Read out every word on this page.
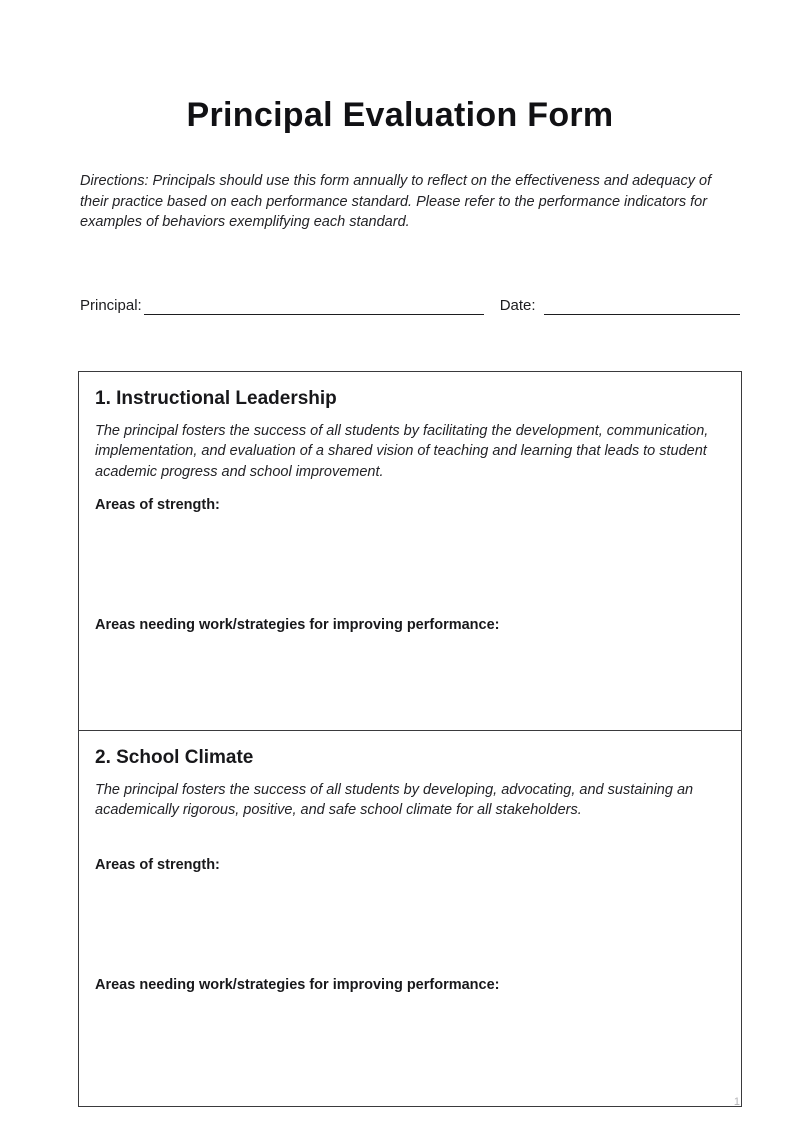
Principal Evaluation Form

Directions: Principals should use this form annually to reflect on the effectiveness and adequacy of their practice based on each performance standard. Please refer to the performance indicators for examples of behaviors exemplifying each standard.

Principal:	Date:
1. Instructional Leadership

The principal fosters the success of all students by facilitating the development, communication, implementation, and evaluation of a shared vision of teaching and learning that leads to student academic progress and school improvement.

Areas of strength:
Areas needing work/strategies for improving performance:
2. School Climate

The principal fosters the success of all students by developing, advocating, and sustaining an academically rigorous, positive, and safe school climate for all stakeholders.

Areas of strength:
Areas needing work/strategies for improving performance:
1
